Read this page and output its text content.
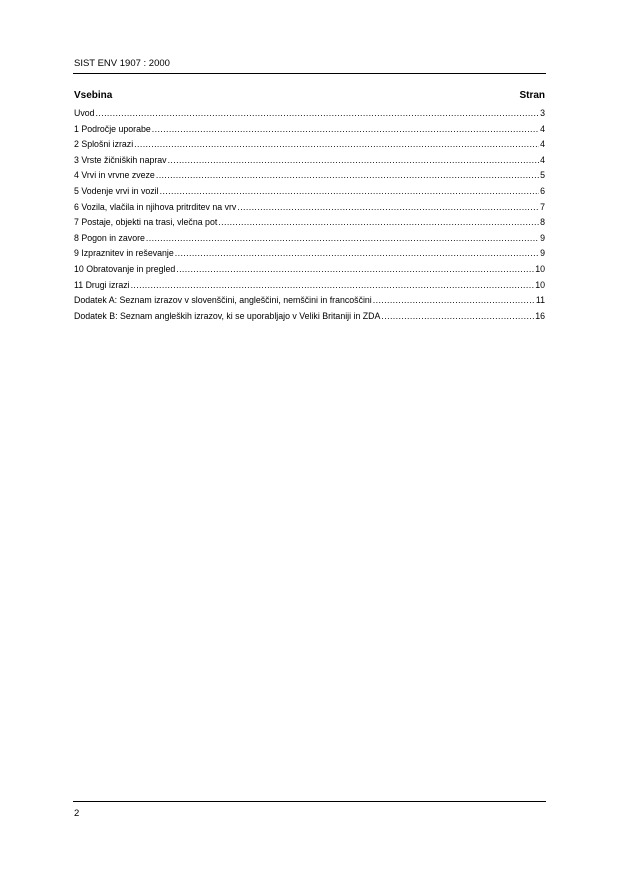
SIST ENV 1907 : 2000
Vsebina	Stran
Uvod .....	3
1 Področje uporabe .....	4
2 Splošni izrazi .....	4
3 Vrste žičniških naprav .....	4
4 Vrvi in vrvne zveze .....	5
5 Vodenje vrvi in vozil .....	6
6 Vozila, vlačila in njihova pritrditev na vrv .....	7
7 Postaje, objekti na trasi, vlečna pot .....	8
8 Pogon in zavore .....	9
9 Izpraznitev in reševanje .....	9
10 Obratovanje in pregled .....	10
11 Drugi izrazi .....	10
Dodatek A: Seznam izrazov v slovenščini, angleščini, nemščini in francoščini .....	11
Dodatek B: Seznam angleških izrazov, ki se uporabljajo v Veliki Britaniji in ZDA .....	16
2
